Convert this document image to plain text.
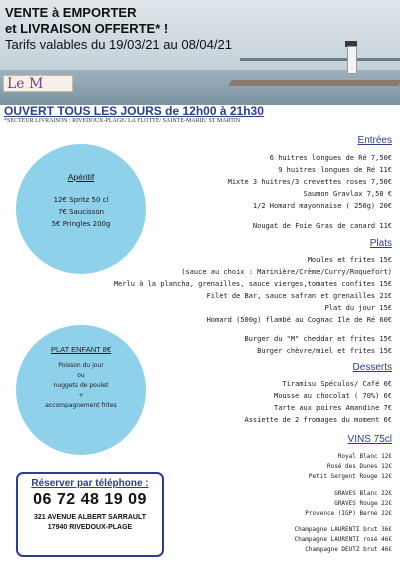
VENTE à EMPORTER
et LIVRAISON OFFERTE* !
Tarifs valables du 19/03/21 au 08/04/21
Le M
OUVERT TOUS LES JOURS de 12h00 à 21h30
*SECTEUR LIVRAISON : RIVEDOUX-PLAGE/ LA FLOTTE/ SAINTE-MARIE/ ST MARTIN
Apéritif
12€ Spritz 50 cl
7€ Saucisson
5€ Pringles 200g
PLAT ENFANT 8€
Poisson du jour
ou
nuggets de poulet
+
accompagnement frites
Réserver par téléphone :
06 72 48 19 09
321 AVENUE ALBERT SARRAULT
17940 RIVEDOUX-PLAGE
Entrées
6 huitres longues de Ré 7,50€
9 huitres longues de Ré 11€
Mixte 3 huitres/3 crevettes roses 7,50€
Saumon Gravlax 7,50 €
1/2 Homard mayonnaise ( 250g) 20€
Nougat de Foie Gras de canard 11€
Plats
Moules et frites 15€
(sauce au choix : Marinière/Crème/Curry/Roquefort)
Merlu à la plancha, grenailles, sauce vierges,tomates confites 15€
Filet de Bar, sauce safran et grenailles 21€
Plat du jour 15€
Homard (500g) flambé au Cognac Ile de Ré 60€
Burger du "M" cheddar et frites 15€
Burger chèvre/miel et frites 15€
Desserts
Tiramisu Spéculos/ Café 6€
Mousse au chocolat ( 70%) 6€
Tarte aux poires Amandine 7€
Assiette de 2 fromages du moment 6€
VINS 75cl
Royal Blanc 12€
Rosé des Dunes 12€
Petit Sergent Rouge 12€
GRAVES Blanc 22€
GRAVES Rouge 22€
Provence (IGP) Berne 22€
Champagne LAURENTI brut 36€
Champagne LAURENTI rosé 46€
Champagne DEUTZ brut 46€
